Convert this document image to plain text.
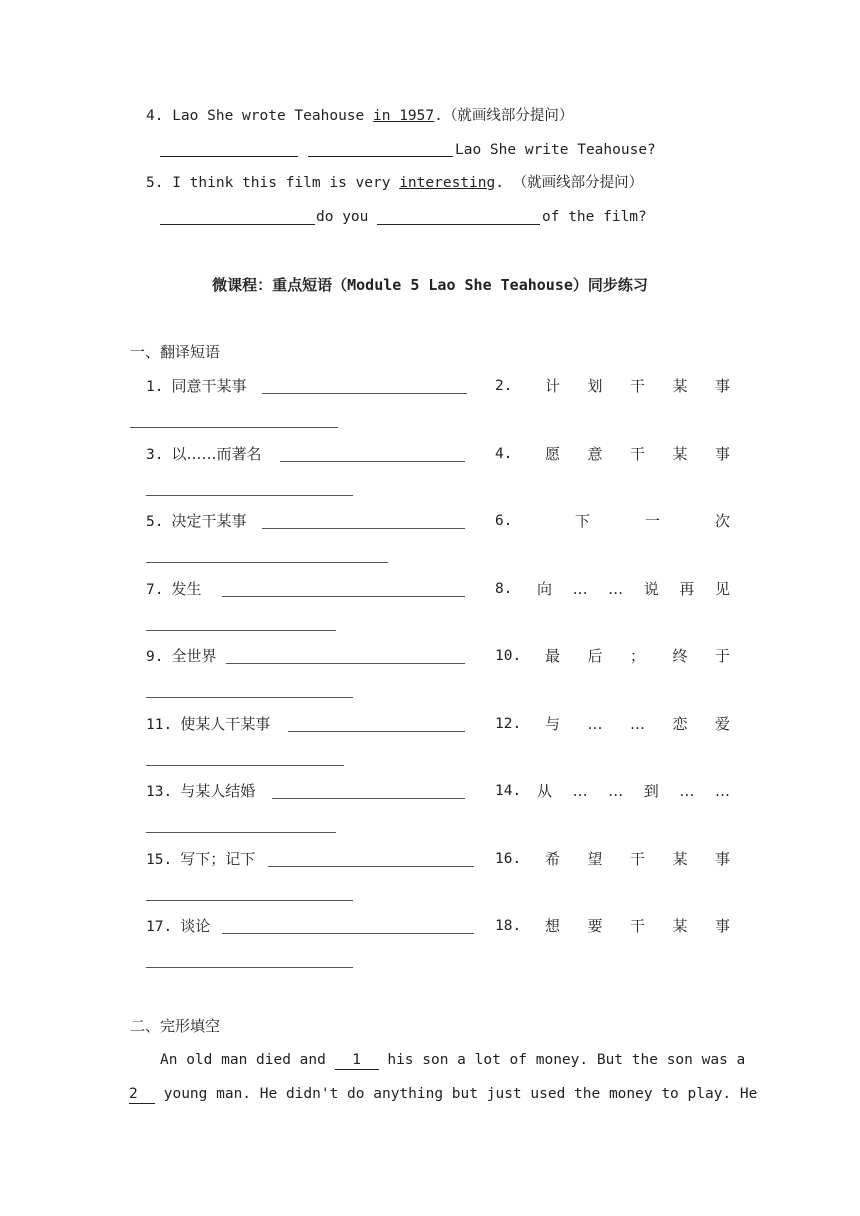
4. Lao She wrote Teahouse in 1957.（就画线部分提问）
Lao She write Teahouse?
5. I think this film is very interesting. （就画线部分提问）
do you	of the film?
微课程：重点短语（Module 5 Lao She Teahouse）同步练习
一、翻译短语
1. 同意干某事	2. 计 划 干 某 事
3. 以……而著名	4. 愿 意 干 某 事
5. 决定干某事	6.	下	一	次
7. 发生	8. 向 … … 说 再 见
9. 全世界	10. 最 后 ； 终 于
11. 使某人干某事	12. 与 … … 恋 爱
13. 与某人结婚	14. 从 … … 到 … …
15. 写下；记下	16. 希 望 干 某 事
17. 谈论	18. 想 要 干 某 事
二、完形填空
An old man died and 1 his son a lot of money. But the son was a
2 young man. He didn't do anything but just used the money to play. He
